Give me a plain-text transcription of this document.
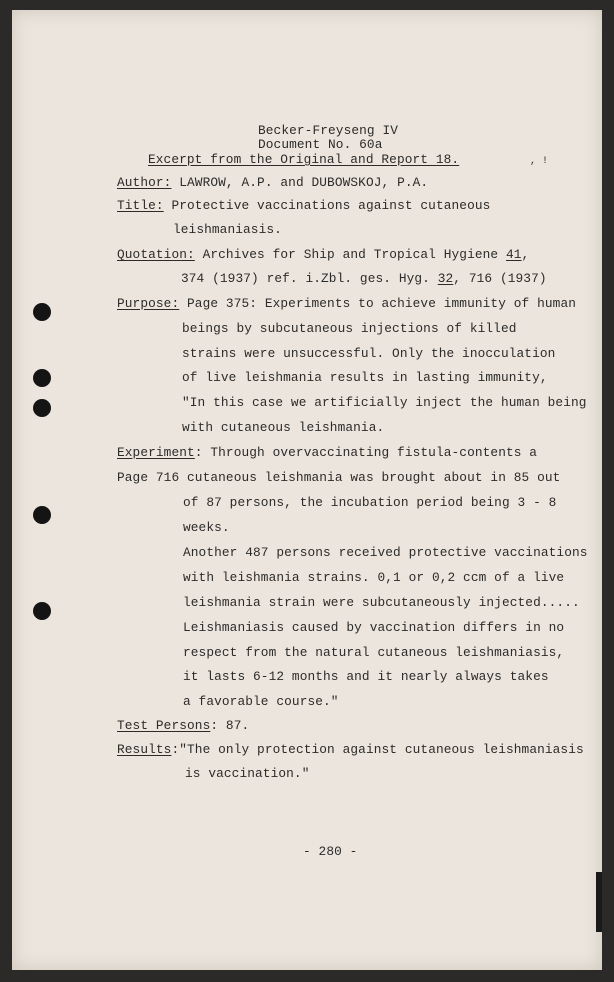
, !
Becker-Freyseng IV
Document No. 60a
Excerpt from the Original and Report 18.
Author: LAWROW, A.P. and DUBOWSKOJ, P.A.
Title: Protective vaccinations against cutaneous
leishmaniasis.
Quotation: Archives for Ship and Tropical Hygiene 41,
374 (1937) ref. i.Zbl. ges. Hyg. 32, 716 (1937)
Purpose: Page 375: Experiments to achieve immunity of human
beings by subcutaneous injections of killed
strains were unsuccessful. Only the inocculation
of live leishmania results in lasting immunity,
"In this case we artificially inject the human being
with cutaneous leishmania.
Experiment: Through overvaccinating fistula-contents a
Page 716 cutaneous leishmania was brought about in 85 out
of 87 persons, the incubation period being 3 - 8
weeks.
Another 487 persons received protective vaccinations
with leishmania strains. 0,1 or 0,2 ccm of a live
leishmania strain were subcutaneously injected.....
Leishmaniasis caused by vaccination differs in no
respect from the natural cutaneous leishmaniasis,
it lasts 6-12 months and it nearly always takes
a favorable course."
Test Persons: 87.
Results:"The only protection against cutaneous leishmaniasis
is vaccination."
- 280 -
